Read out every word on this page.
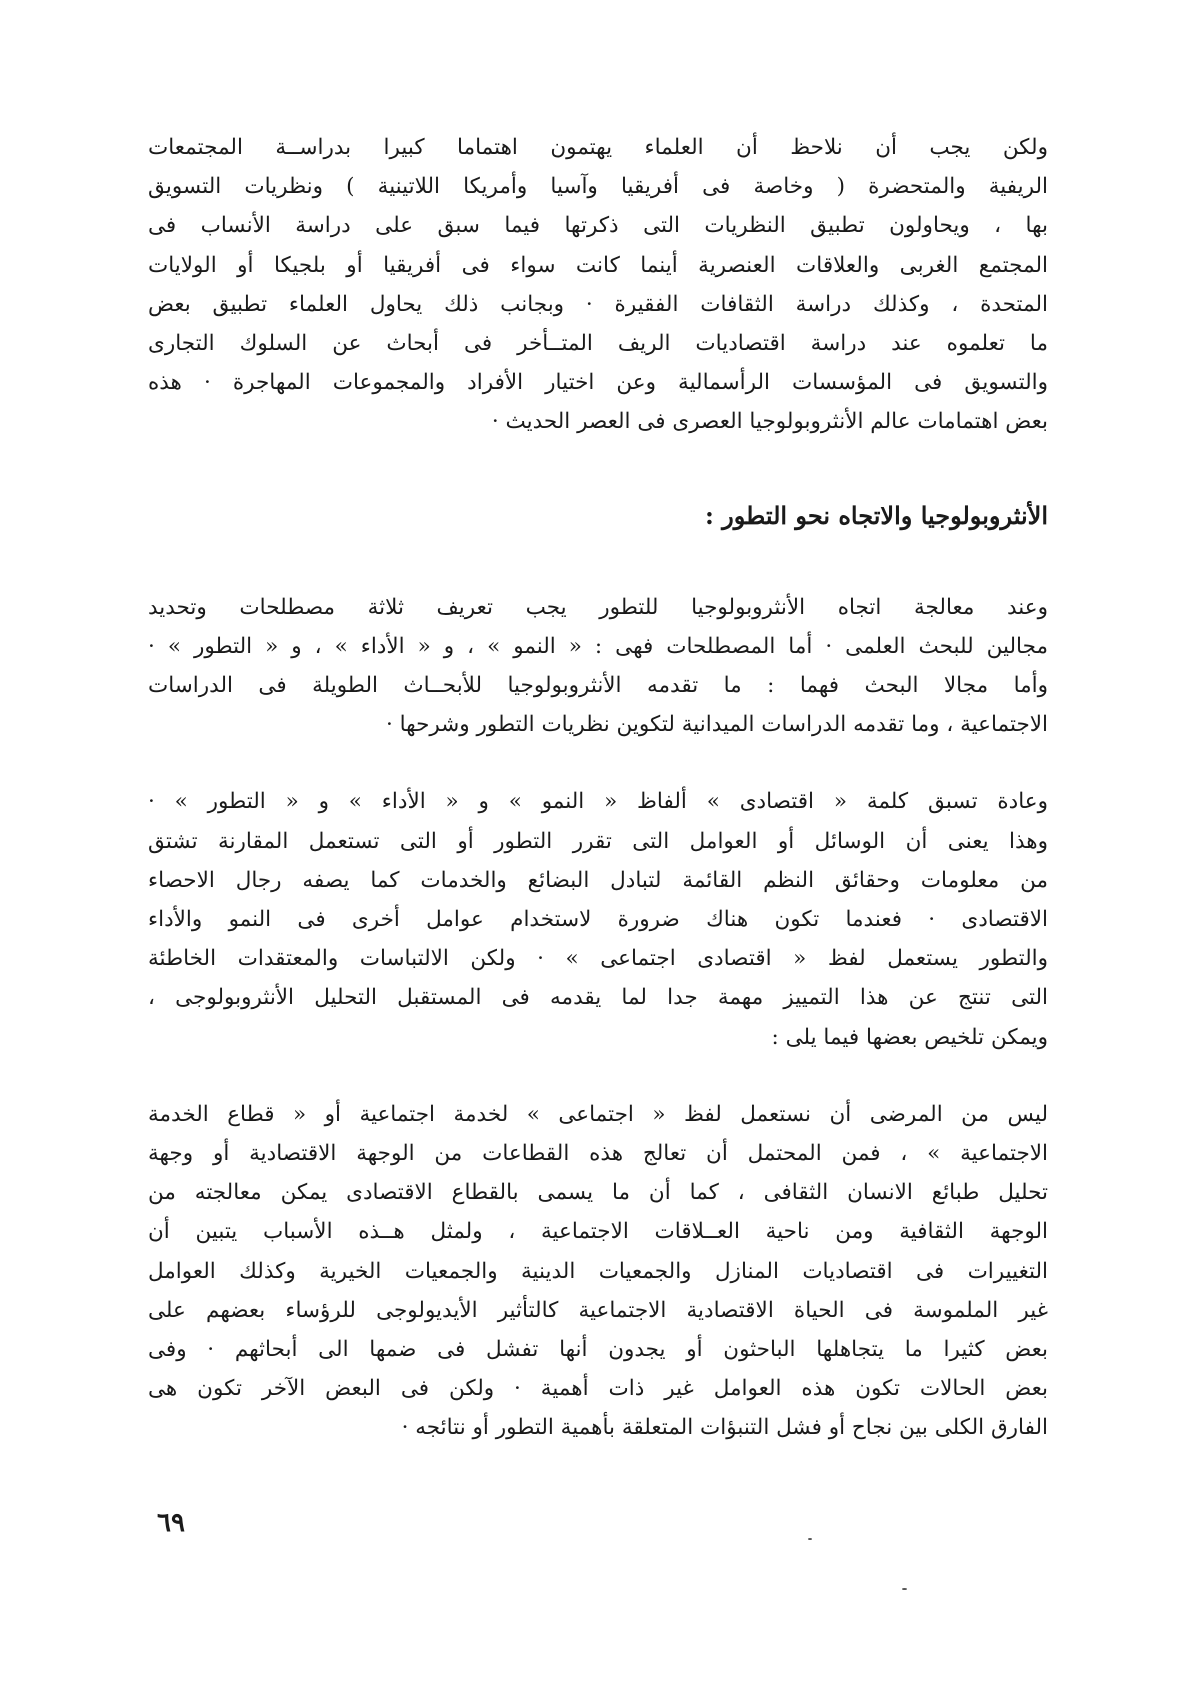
ولكن يجب أن نلاحظ أن العلماء يهتمون اهتماما كبيرا بدراســة المجتمعات
الريفية والمتحضرة ( وخاصة فى أفريقيا وآسيا وأمريكا اللاتينية ) ونظريات التسويق
بها ، ويحاولون تطبيق النظريات التى ذكرتها فيما سبق على دراسة الأنساب فى
المجتمع الغربى والعلاقات العنصرية أينما كانت سواء فى أفريقيا أو بلجيكا أو الولايات
المتحدة ، وكذلك دراسة الثقافات الفقيرة · وبجانب ذلك يحاول العلماء تطبيق بعض
ما تعلموه عند دراسة اقتصاديات الريف المتــأخر فى أبحاث عن السلوك التجارى
والتسويق فى المؤسسات الرأسمالية وعن اختيار الأفراد والمجموعات المهاجرة · هذه
بعض اهتمامات عالم الأنثروبولوجيا العصرى فى العصر الحديث ·
الأنثروبولوجيا والاتجاه نحو التطور :
وعند معالجة اتجاه الأنثروبولوجيا للتطور يجب تعريف ثلاثة مصطلحات وتحديد
مجالين للبحث العلمى · أما المصطلحات فهى : « النمو » ، و « الأداء » ، و « التطور » ·
وأما مجالا البحث فهما : ما تقدمه الأنثروبولوجيا للأبحــاث الطويلة فى الدراسات
الاجتماعية ، وما تقدمه الدراسات الميدانية لتكوين نظريات التطور وشرحها ·
وعادة تسبق كلمة « اقتصادى » ألفاظ « النمو » و « الأداء » و « التطور » ·
وهذا يعنى أن الوسائل أو العوامل التى تقرر التطور أو التى تستعمل المقارنة تشتق
من معلومات وحقائق النظم القائمة لتبادل البضائع والخدمات كما يصفه رجال الاحصاء
الاقتصادى · فعندما تكون هناك ضرورة لاستخدام عوامل أخرى فى النمو والأداء
والتطور يستعمل لفظ « اقتصادى اجتماعى » · ولكن الالتباسات والمعتقدات الخاطئة
التى تنتج عن هذا التمييز مهمة جدا لما يقدمه فى المستقبل التحليل الأنثروبولوجى ،
ويمكن تلخيص بعضها فيما يلى :
ليس من المرضى أن نستعمل لفظ « اجتماعى » لخدمة اجتماعية أو « قطاع الخدمة
الاجتماعية » ، فمن المحتمل أن تعالج هذه القطاعات من الوجهة الاقتصادية أو وجهة
تحليل طبائع الانسان الثقافى ، كما أن ما يسمى بالقطاع الاقتصادى يمكن معالجته من
الوجهة الثقافية ومن ناحية العــلاقات الاجتماعية ، ولمثل هــذه الأسباب يتبين أن
التغييرات فى اقتصاديات المنازل والجمعيات الدينية والجمعيات الخيرية وكذلك العوامل
غير الملموسة فى الحياة الاقتصادية الاجتماعية كالتأثير الأيديولوجى للرؤساء بعضهم على
بعض كثيرا ما يتجاهلها الباحثون أو يجدون أنها تفشل فى ضمها الى أبحاثهم · وفى
بعض الحالات تكون هذه العوامل غير ذات أهمية · ولكن فى البعض الآخر تكون هى
الفارق الكلى بين نجاح أو فشل التنبؤات المتعلقة بأهمية التطور أو نتائجه ·
٦٩
